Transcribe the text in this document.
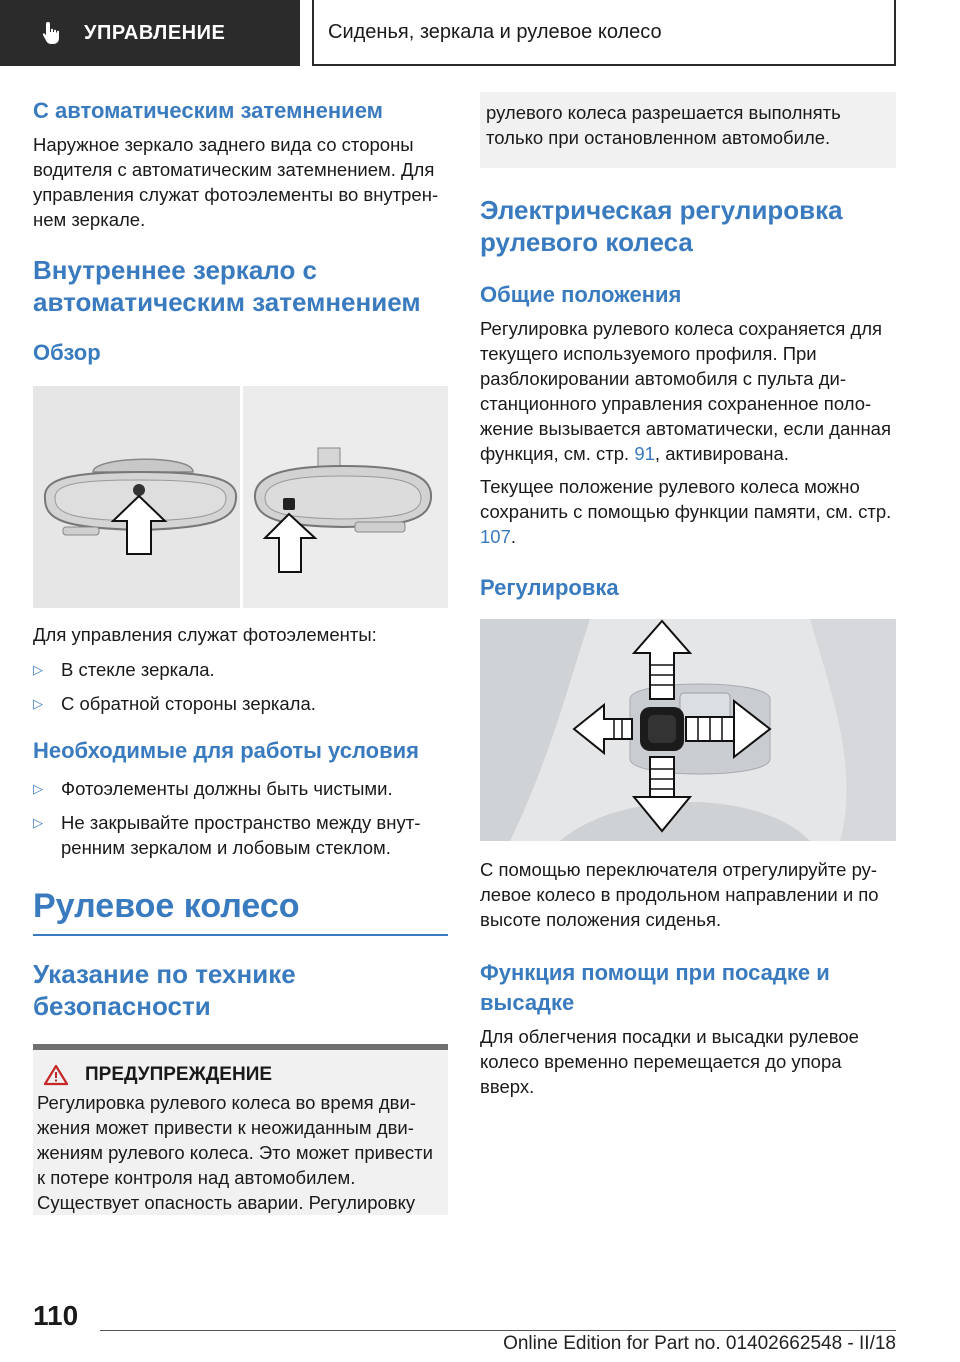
УПРАВЛЕНИЕ	Сиденья, зеркала и рулевое колесо
С автоматическим затемнением

Наружное зеркало заднего вида со стороны водителя с автоматическим затемнением. Для управления служат фотоэлементы во внутреннем зеркале.

Внутреннее зеркало с автоматическим затемнением
Обзор

Для управления служат фотоэлементы:

▷ В стекле зеркала.
▷ С обратной стороны зеркала.
Необходимые для работы условия
▷ Фотоэлементы должны быть чистыми.
▷ Не закрывайте пространство между внутренним зеркалом и лобовым стеклом.
Рулевое колесо
Указание по технике безопасности
ПРЕДУПРЕЖДЕНИЕ

Регулировка рулевого колеса во время движения может привести к неожиданным движениям рулевого колеса. Это может привести к потере контроля над автомобилем. Существует опасность аварии. Регулировку

рулевого колеса разрешается выполнять только при остановленном автомобиле.

Электрическая регулировка рулевого колеса
Общие положения

Регулировка рулевого колеса сохраняется для текущего используемого профиля. При разблокировании автомобиля с пульта дистанционного управления сохраненное положение вызывается автоматически, если данная функция, см. стр. 91, активирована.

Текущее положение рулевого колеса можно сохранить с помощью функции памяти, см. стр. 107.

Регулировка

С помощью переключателя отрегулируйте рулевое колесо в продольном направлении и по высоте положения сиденья.

Функция помощи при посадке и высадке

Для облегчения посадки и высадки рулевое колесо временно перемещается до упора вверх.

110
Online Edition for Part no. 01402662548 - II/18
